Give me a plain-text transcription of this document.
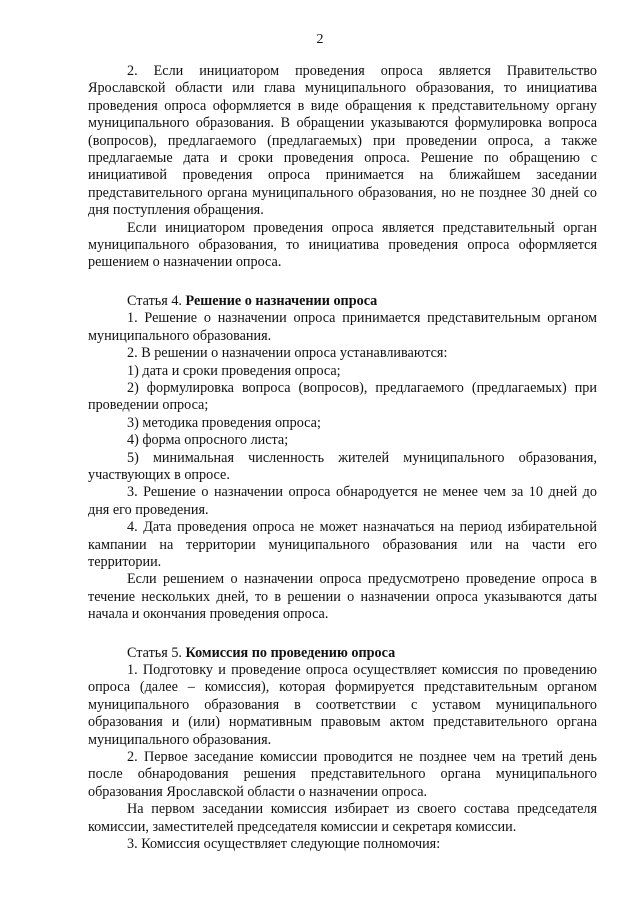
2

2. Если инициатором проведения опроса является Правительство Ярославской области или глава муниципального образования, то инициатива проведения опроса оформляется в виде обращения к представительному органу муниципального образования. В обращении указываются формулировка вопроса (вопросов), предлагаемого (предлагаемых) при проведении опроса, а также предлагаемые дата и сроки проведения опроса. Решение по обращению с инициативой проведения опроса принимается на ближайшем заседании представительного органа муниципального образования, но не позднее 30 дней со дня поступления обращения.

Если инициатором проведения опроса является представительный орган муниципального образования, то инициатива проведения опроса оформляется решением о назначении опроса.

Статья 4. Решение о назначении опроса

1. Решение о назначении опроса принимается представительным органом муниципального образования.

2. В решении о назначении опроса устанавливаются:

1) дата и сроки проведения опроса;

2) формулировка вопроса (вопросов), предлагаемого (предлагаемых) при проведении опроса;

3) методика проведения опроса;

4) форма опросного листа;

5) минимальная численность жителей муниципального образования, участвующих в опросе.

3. Решение о назначении опроса обнародуется не менее чем за 10 дней до дня его проведения.

4. Дата проведения опроса не может назначаться на период избирательной кампании на территории муниципального образования или на части его территории.

Если решением о назначении опроса предусмотрено проведение опроса в течение нескольких дней, то в решении о назначении опроса указываются даты начала и окончания проведения опроса.

Статья 5. Комиссия по проведению опроса

1. Подготовку и проведение опроса осуществляет комиссия по проведению опроса (далее – комиссия), которая формируется представительным органом муниципального образования в соответствии с уставом муниципального образования и (или) нормативным правовым актом представительного органа муниципального образования.

2. Первое заседание комиссии проводится не позднее чем на третий день после обнародования решения представительного органа муниципального образования Ярославской области о назначении опроса.

На первом заседании комиссия избирает из своего состава председателя комиссии, заместителей председателя комиссии и секретаря комиссии.

3. Комиссия осуществляет следующие полномочия:
